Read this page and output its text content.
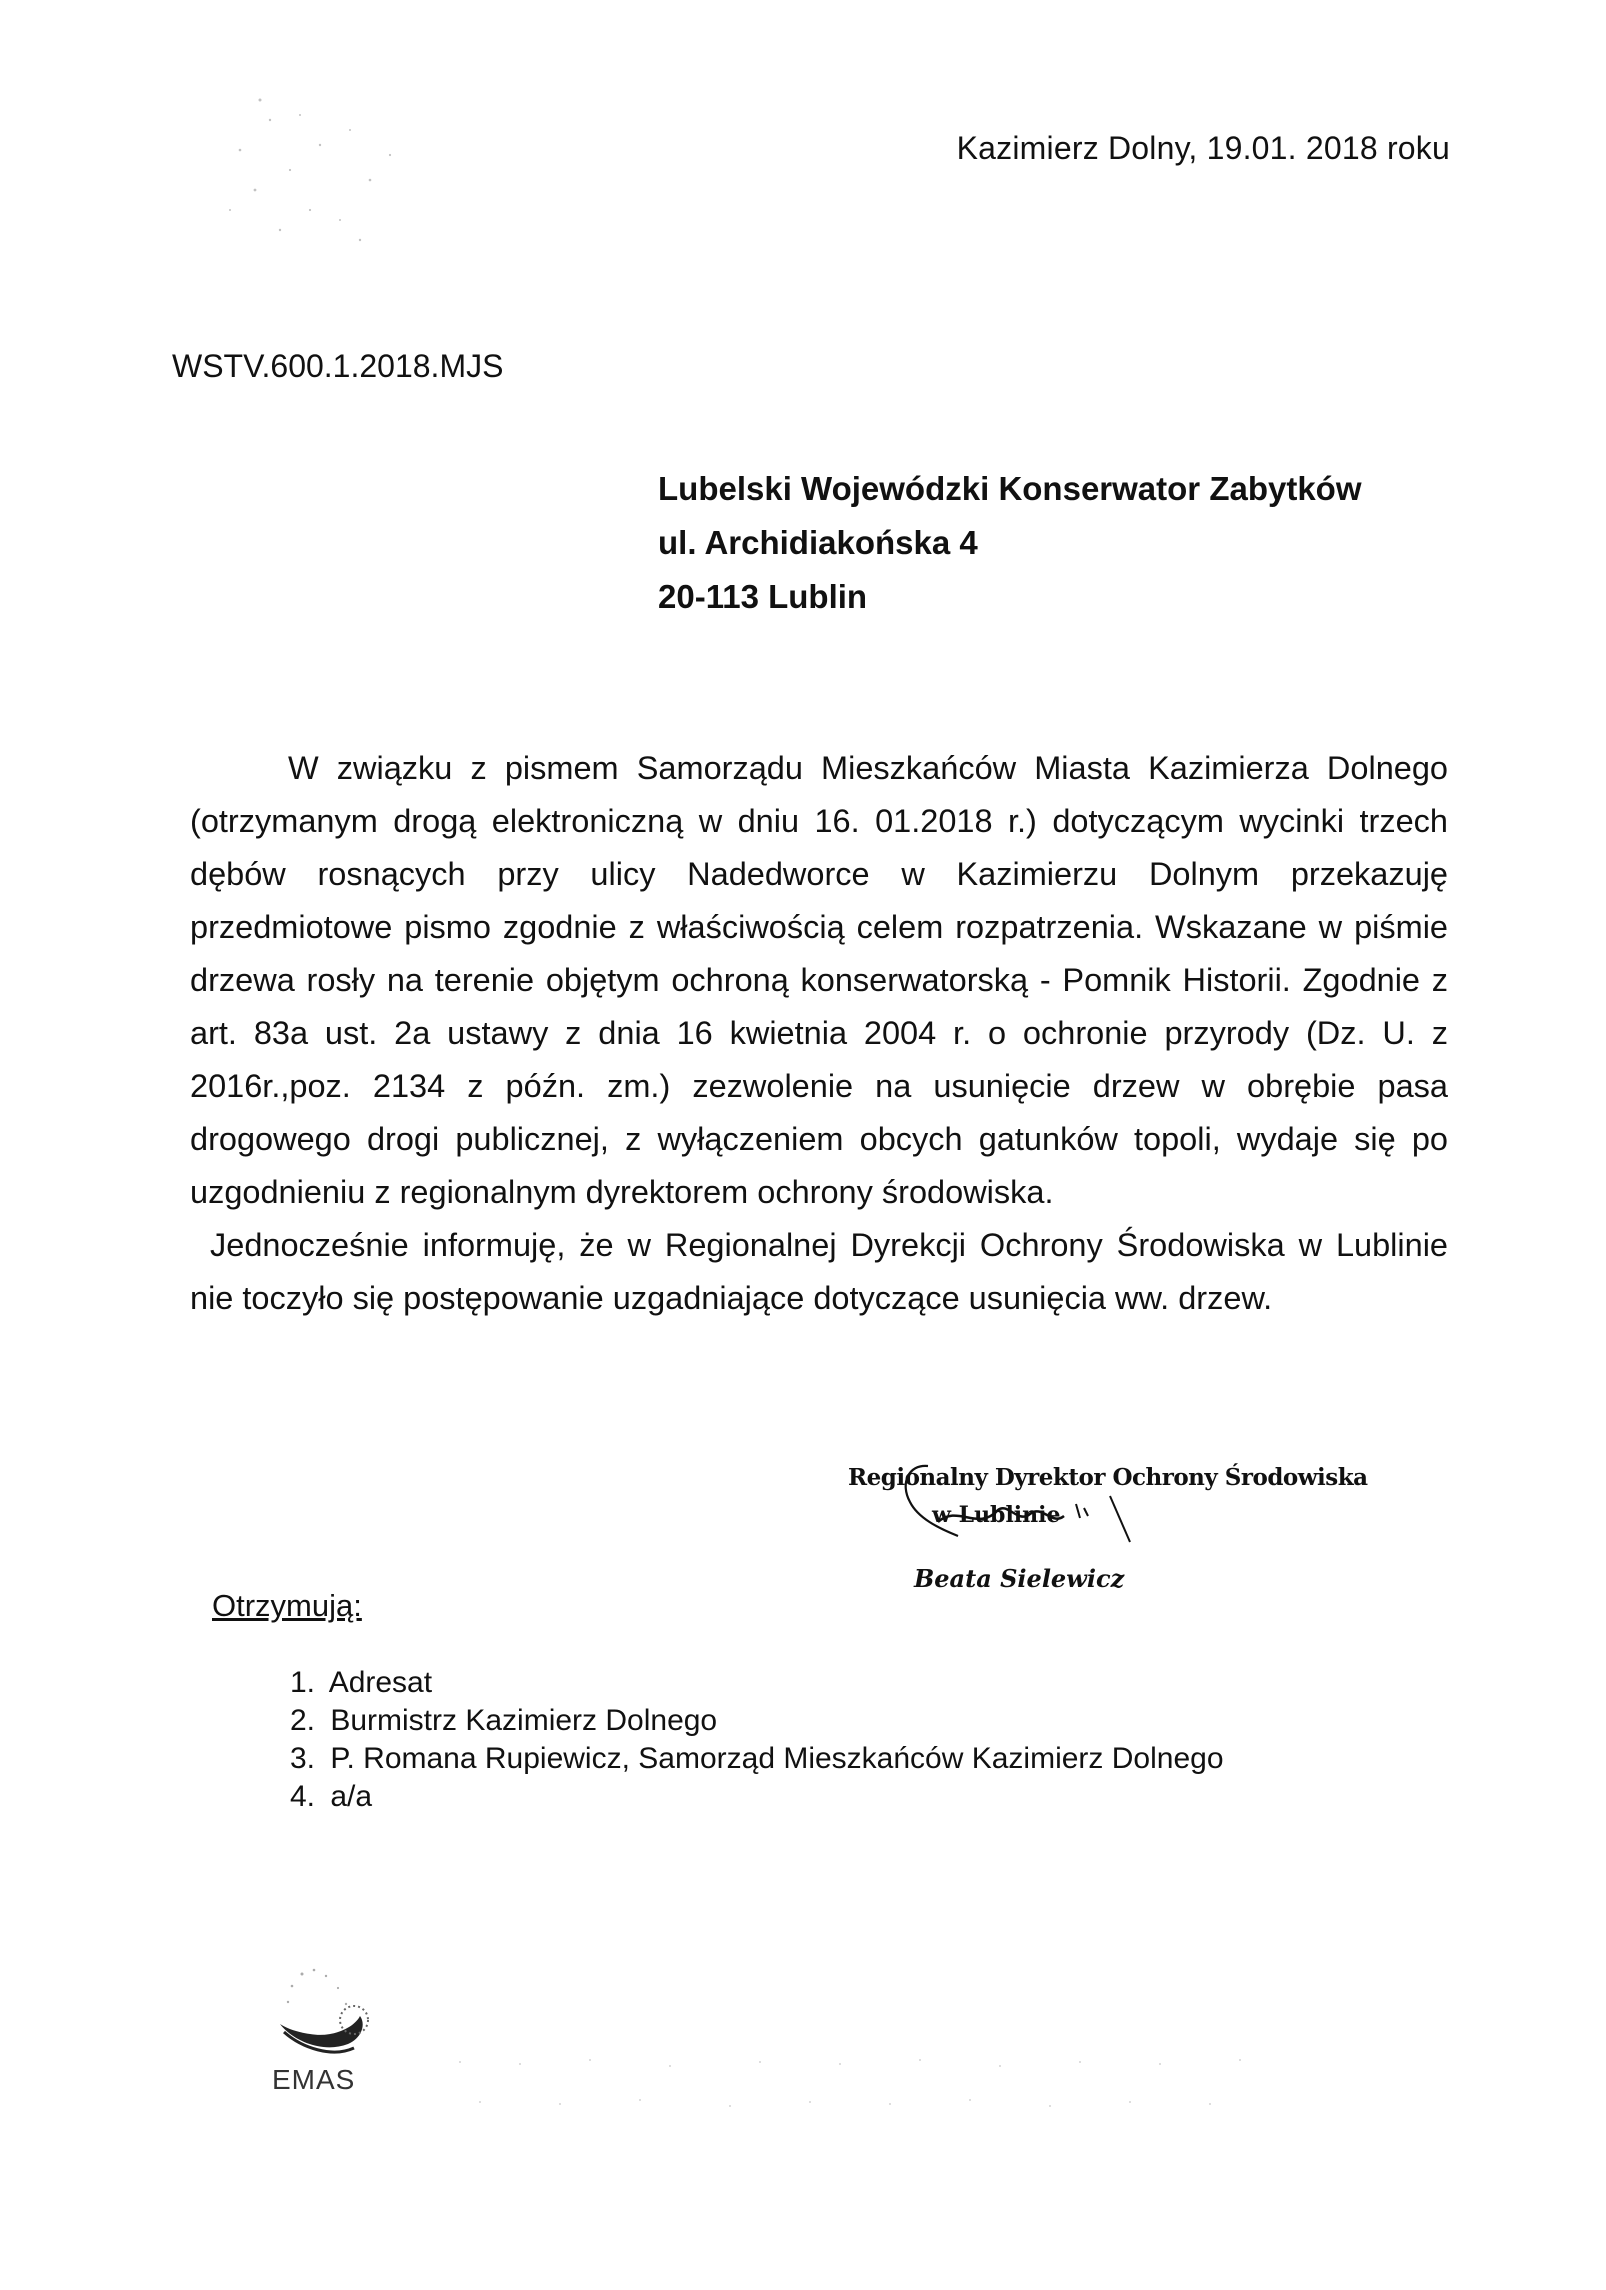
Kazimierz Dolny, 19.01. 2018 roku
WSTV.600.1.2018.MJS
Lubelski Wojewódzki Konserwator Zabytków
ul. Archidiakońska 4
20-113 Lublin

W związku z pismem Samorządu Mieszkańców Miasta Kazimierza Dolnego (otrzymanym drogą elektroniczną w dniu 16. 01.2018 r.) dotyczącym wycinki trzech dębów rosnących przy ulicy Nadedworce w Kazimierzu Dolnym przekazuję przedmiotowe pismo zgodnie z właściwością celem rozpatrzenia. Wskazane w piśmie drzewa rosły na terenie objętym ochroną konserwatorską - Pomnik Historii. Zgodnie z art. 83a ust. 2a ustawy z dnia 16 kwietnia 2004 r. o ochronie przyrody (Dz. U. z 2016r.,poz. 2134 z późn. zm.) zezwolenie na usunięcie drzew w obrębie pasa drogowego drogi publicznej, z wyłączeniem obcych gatunków topoli, wydaje się po uzgodnieniu z regionalnym dyrektorem ochrony środowiska.

Jednocześnie informuję, że w Regionalnej Dyrekcji Ochrony Środowiska w Lublinie nie toczyło się postępowanie uzgadniające dotyczące usunięcia ww. drzew.

Regionalny Dyrektor Ochrony Środowiska
w Lublinie
Beata Sielewicz
Otrzymują:
1. Adresat
2. Burmistrz Kazimierz Dolnego
3. P. Romana Rupiewicz, Samorząd Mieszkańców Kazimierz Dolnego
4. a/a
EMAS
